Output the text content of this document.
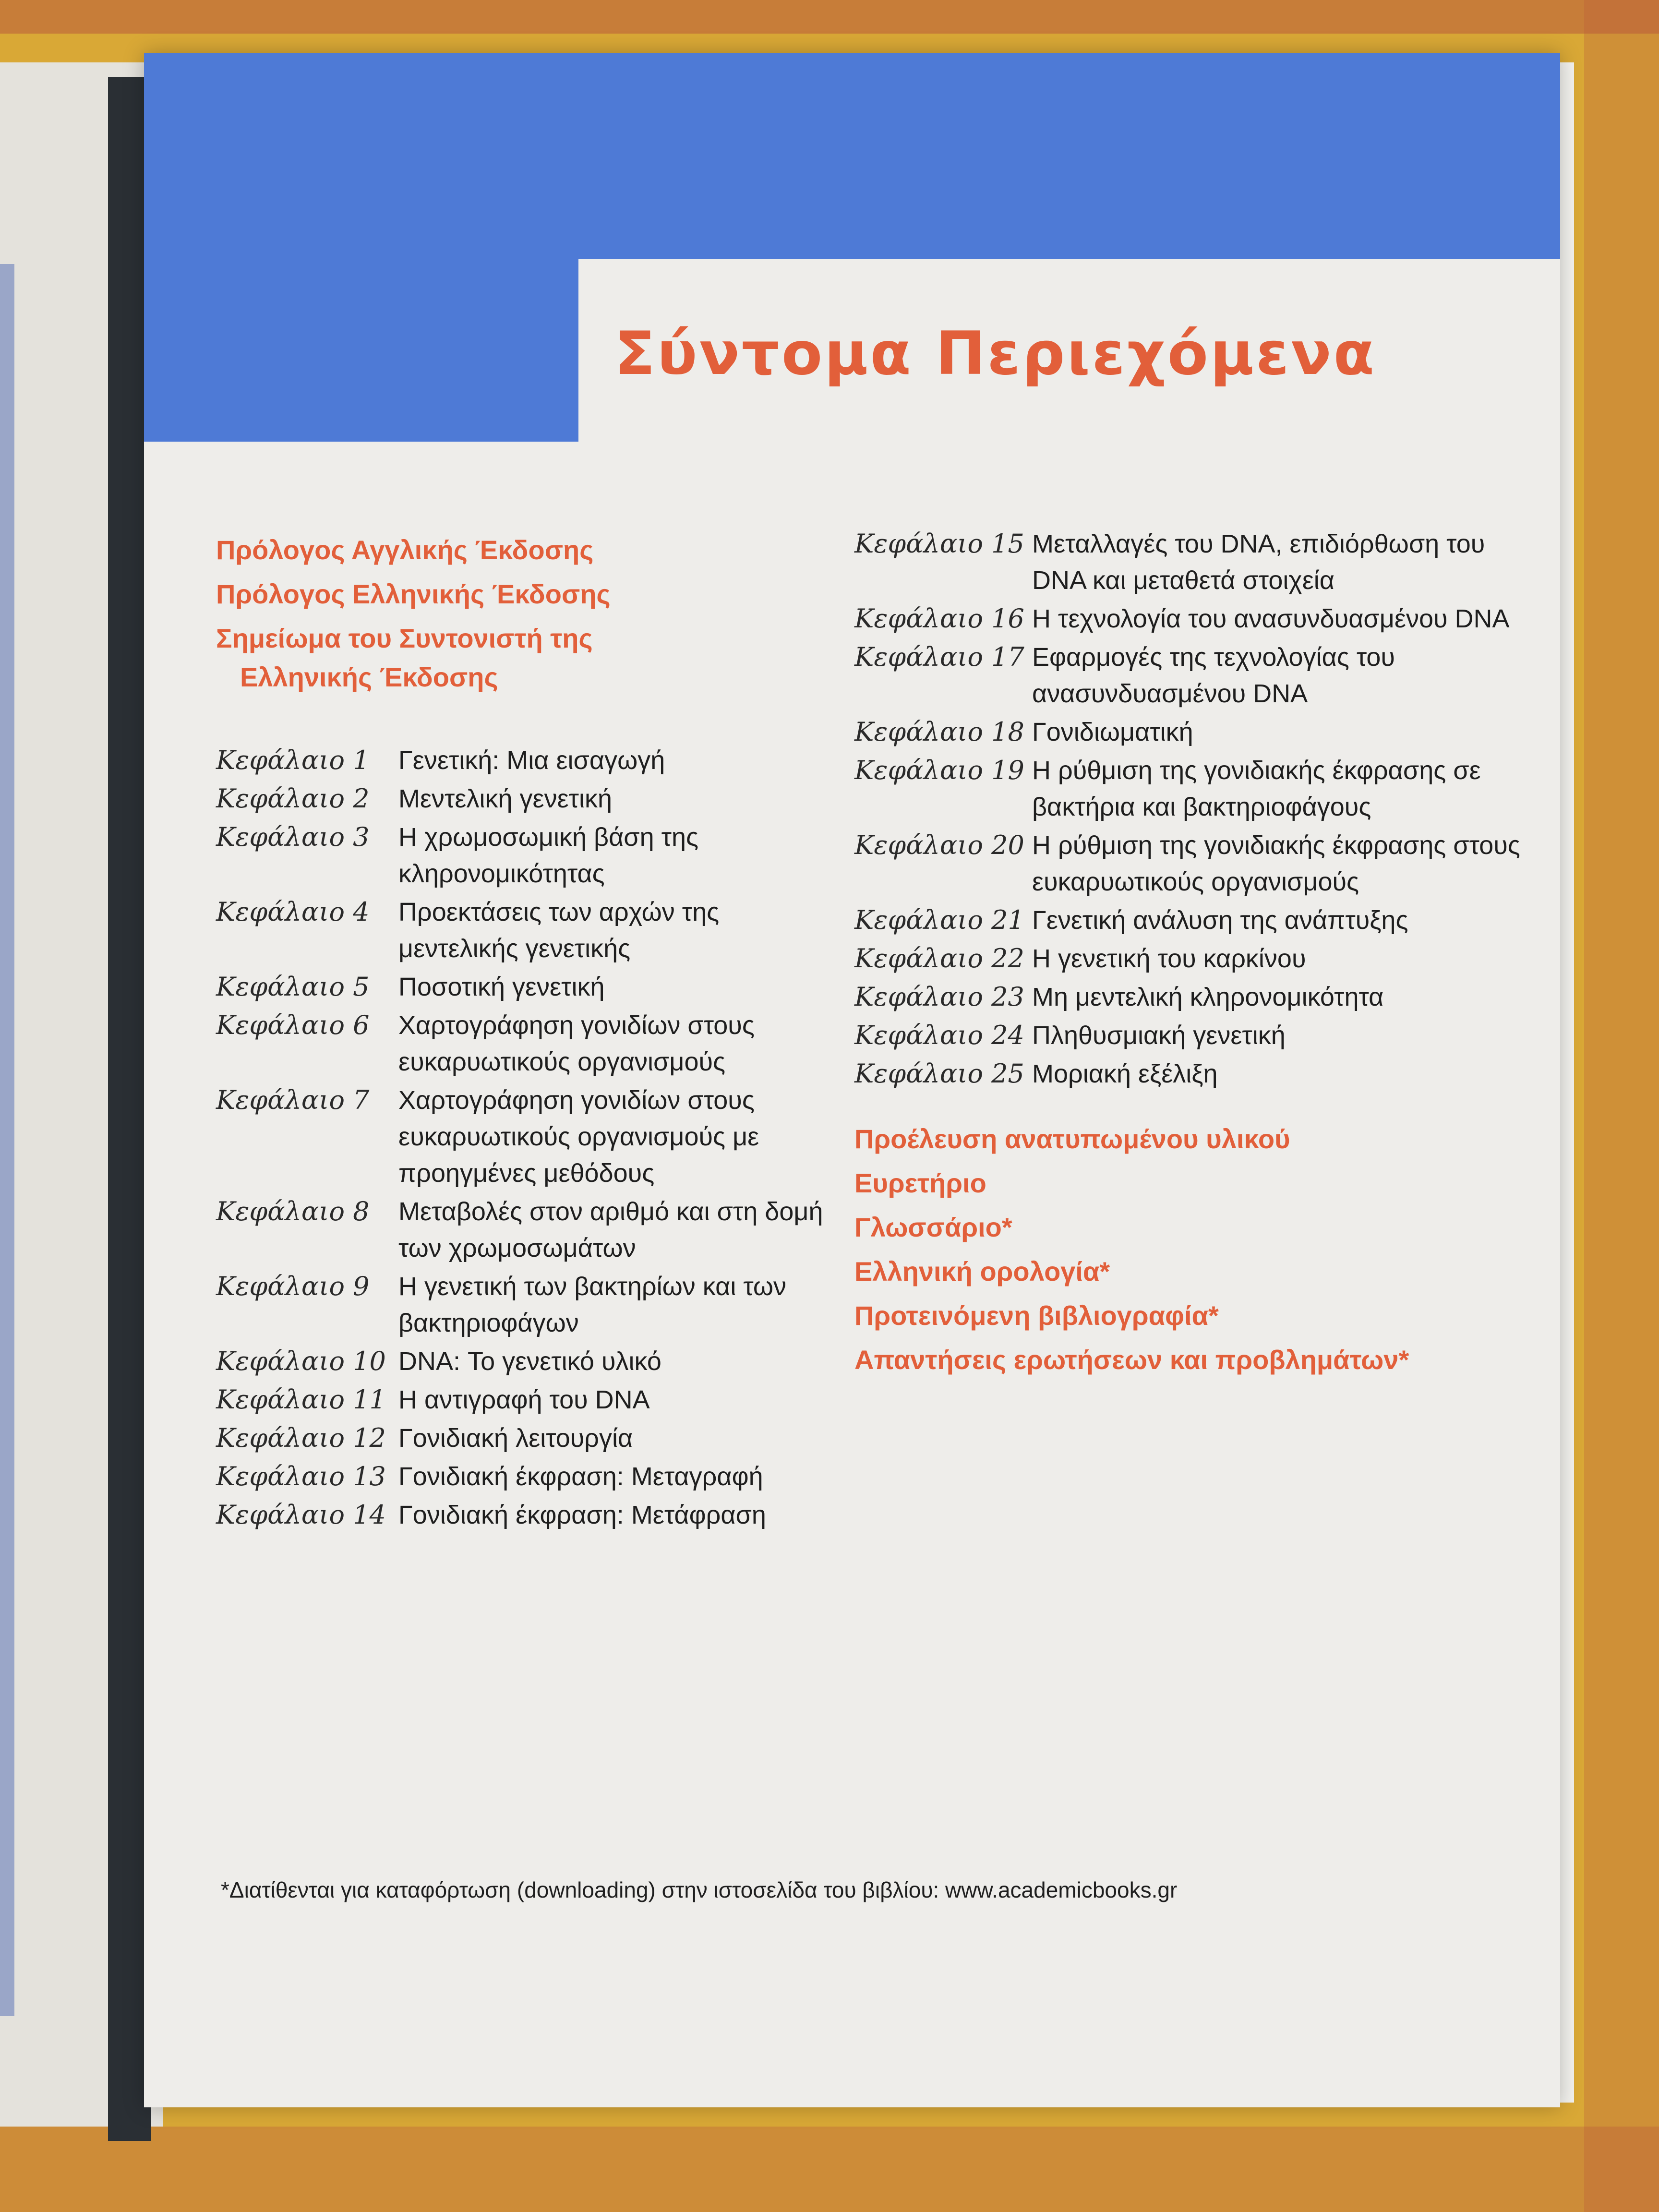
Σύντομα Περιεχόμενα
Πρόλογος Αγγλικής Έκδοσης
Πρόλογος Ελληνικής Έκδοσης
Σημείωμα του Συντονιστή της
Ελληνικής Έκδοσης
Κεφάλαιο 1	Γενετική: Μια εισαγωγή
Κεφάλαιο 2	Μεντελική γενετική
Κεφάλαιο 3	Η χρωμοσωμική βάση της κληρονομικότητας
Κεφάλαιο 4	Προεκτάσεις των αρχών της μεντελικής γενετικής
Κεφάλαιο 5	Ποσοτική γενετική
Κεφάλαιο 6	Χαρτογράφηση γονιδίων στους ευκαρυωτικούς οργανισμούς
Κεφάλαιο 7	Χαρτογράφηση γονιδίων στους ευκαρυωτικούς οργανισμούς με προηγμένες μεθόδους
Κεφάλαιο 8	Μεταβολές στον αριθμό και στη δομή των χρωμοσωμάτων
Κεφάλαιο 9	Η γενετική των βακτηρίων και των βακτηριοφάγων
Κεφάλαιο 10 DNA: Το γενετικό υλικό
Κεφάλαιο 11 Η αντιγραφή του DNA
Κεφάλαιο 12 Γονιδιακή λειτουργία
Κεφάλαιο 13 Γονιδιακή έκφραση: Μεταγραφή
Κεφάλαιο 14 Γονιδιακή έκφραση: Μετάφραση
Κεφάλαιο 15 Μεταλλαγές του DNA, επιδιόρθωση του DNA και μεταθετά στοιχεία
Κεφάλαιο 16 Η τεχνολογία του ανασυνδυασμένου DNA
Κεφάλαιο 17 Εφαρμογές της τεχνολογίας του ανασυνδυασμένου DNA
Κεφάλαιο 18 Γονιδιωματική
Κεφάλαιο 19 Η ρύθμιση της γονιδιακής έκφρασης σε βακτήρια και βακτηριοφάγους
Κεφάλαιο 20 Η ρύθμιση της γονιδιακής έκφρασης στους ευκαρυωτικούς οργανισμούς
Κεφάλαιο 21 Γενετική ανάλυση της ανάπτυξης
Κεφάλαιο 22 Η γενετική του καρκίνου
Κεφάλαιο 23 Μη μεντελική κληρονομικότητα
Κεφάλαιο 24 Πληθυσμιακή γενετική
Κεφάλαιο 25 Μοριακή εξέλιξη
Προέλευση ανατυπωμένου υλικού
Ευρετήριο
Γλωσσάριο*
Ελληνική ορολογία*
Προτεινόμενη βιβλιογραφία*
Απαντήσεις ερωτήσεων και προβλημάτων*
*Διατίθενται για καταφόρτωση (downloading) στην ιστοσελίδα του βιβλίου: www.academicbooks.gr
